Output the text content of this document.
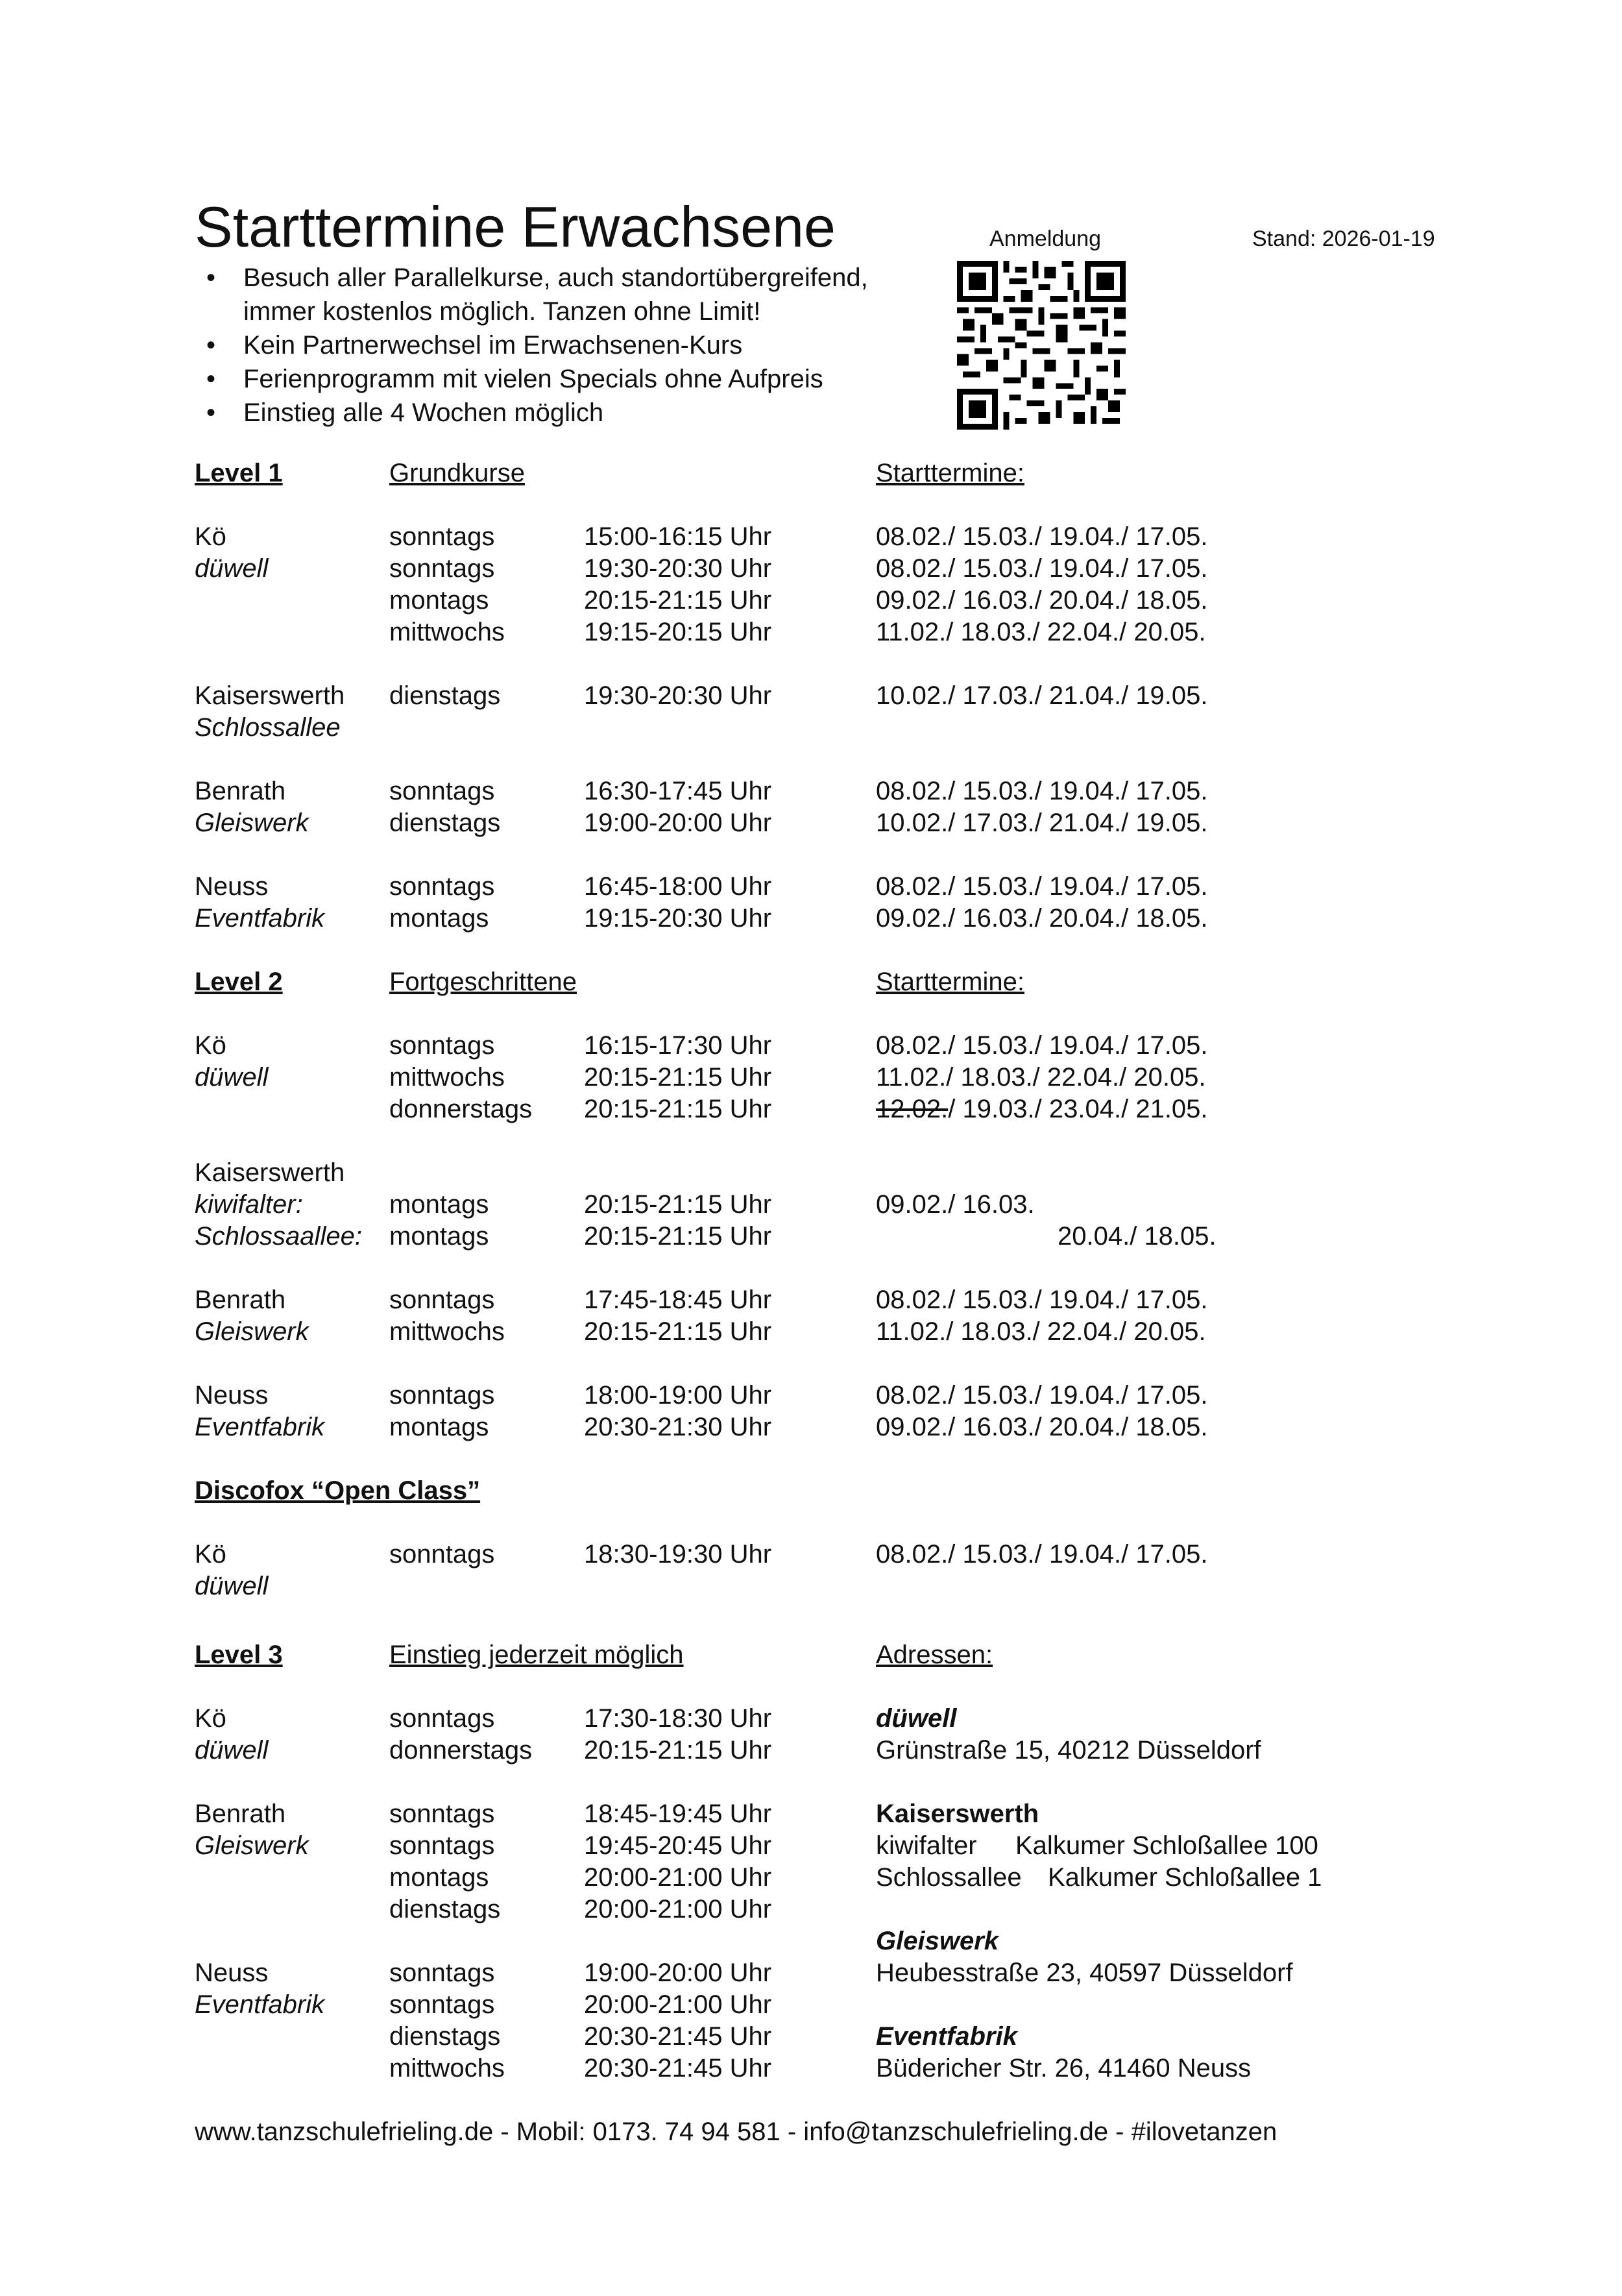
Starttermine Erwachsene	Anmeldung	Stand: 2026-01-19
• Besuch aller Parallelkurse, auch standortübergreifend,
immer kostenlos möglich. Tanzen ohne Limit!
• Kein Partnerwechsel im Erwachsenen-Kurs
• Ferienprogramm mit vielen Specials ohne Aufpreis
• Einstieg alle 4 Wochen möglich
Level 1	Grundkurse	Starttermine:
Kö	sonntags	15:00-16:15 Uhr	08.02./ 15.03./ 19.04./ 17.05.
düwell	sonntags	19:30-20:30 Uhr	08.02./ 15.03./ 19.04./ 17.05.
montags	20:15-21:15 Uhr	09.02./ 16.03./ 20.04./ 18.05.
mittwochs	19:15-20:15 Uhr	11.02./ 18.03./ 22.04./ 20.05.
Kaiserswerth dienstags	19:30-20:30 Uhr	10.02./ 17.03./ 21.04./ 19.05.
Schlossallee
Benrath	sonntags	16:30-17:45 Uhr	08.02./ 15.03./ 19.04./ 17.05.
Gleiswerk	dienstags	19:00-20:00 Uhr	10.02./ 17.03./ 21.04./ 19.05.
Neuss	sonntags	16:45-18:00 Uhr	08.02./ 15.03./ 19.04./ 17.05.
Eventfabrik montags	19:15-20:30 Uhr	09.02./ 16.03./ 20.04./ 18.05.
Level 2	Fortgeschrittene	Starttermine:
Kö	sonntags	16:15-17:30 Uhr	08.02./ 15.03./ 19.04./ 17.05.
düwell	mittwochs	20:15-21:15 Uhr	11.02./ 18.03./ 22.04./ 20.05.
donnerstags 20:15-21:15 Uhr	12.02./ 19.03./ 23.04./ 21.05.
Kaiserswerth
kiwifalter:	montags	20:15-21:15 Uhr	09.02./ 16.03.
Schlossaallee: montags	20:15-21:15 Uhr	20.04./ 18.05.
Benrath	sonntags	17:45-18:45 Uhr	08.02./ 15.03./ 19.04./ 17.05.
Gleiswerk	mittwochs	20:15-21:15 Uhr	11.02./ 18.03./ 22.04./ 20.05.
Neuss	sonntags	18:00-19:00 Uhr	08.02./ 15.03./ 19.04./ 17.05.
Eventfabrik montags	20:30-21:30 Uhr	09.02./ 16.03./ 20.04./ 18.05.
Discofox “Open Class”
Kö	sonntags	18:30-19:30 Uhr	08.02./ 15.03./ 19.04./ 17.05.
düwell
Level 3	Einstieg jederzeit möglich	Adressen:
Kö	sonntags	17:30-18:30 Uhr	düwell
düwell	donnerstags 20:15-21:15 Uhr	Grünstraße 15, 40212 Düsseldorf
Benrath	sonntags	18:45-19:45 Uhr	Kaiserswerth
Gleiswerk	sonntags	19:45-20:45 Uhr	kiwifalter Kalkumer Schloßallee 100
montags	20:00-21:00 Uhr	Schlossallee Kalkumer Schloßallee 1
dienstags	20:00-21:00 Uhr
Gleiswerk
Neuss	sonntags	19:00-20:00 Uhr	Heubesstraße 23, 40597 Düsseldorf
Eventfabrik sonntags	20:00-21:00 Uhr
dienstags	20:30-21:45 Uhr	Eventfabrik
mittwochs	20:30-21:45 Uhr	Büdericher Str. 26, 41460 Neuss
www.tanzschulefrieling.de - Mobil: 0173. 74 94 581 - info@tanzschulefrieling.de - #ilovetanzen
